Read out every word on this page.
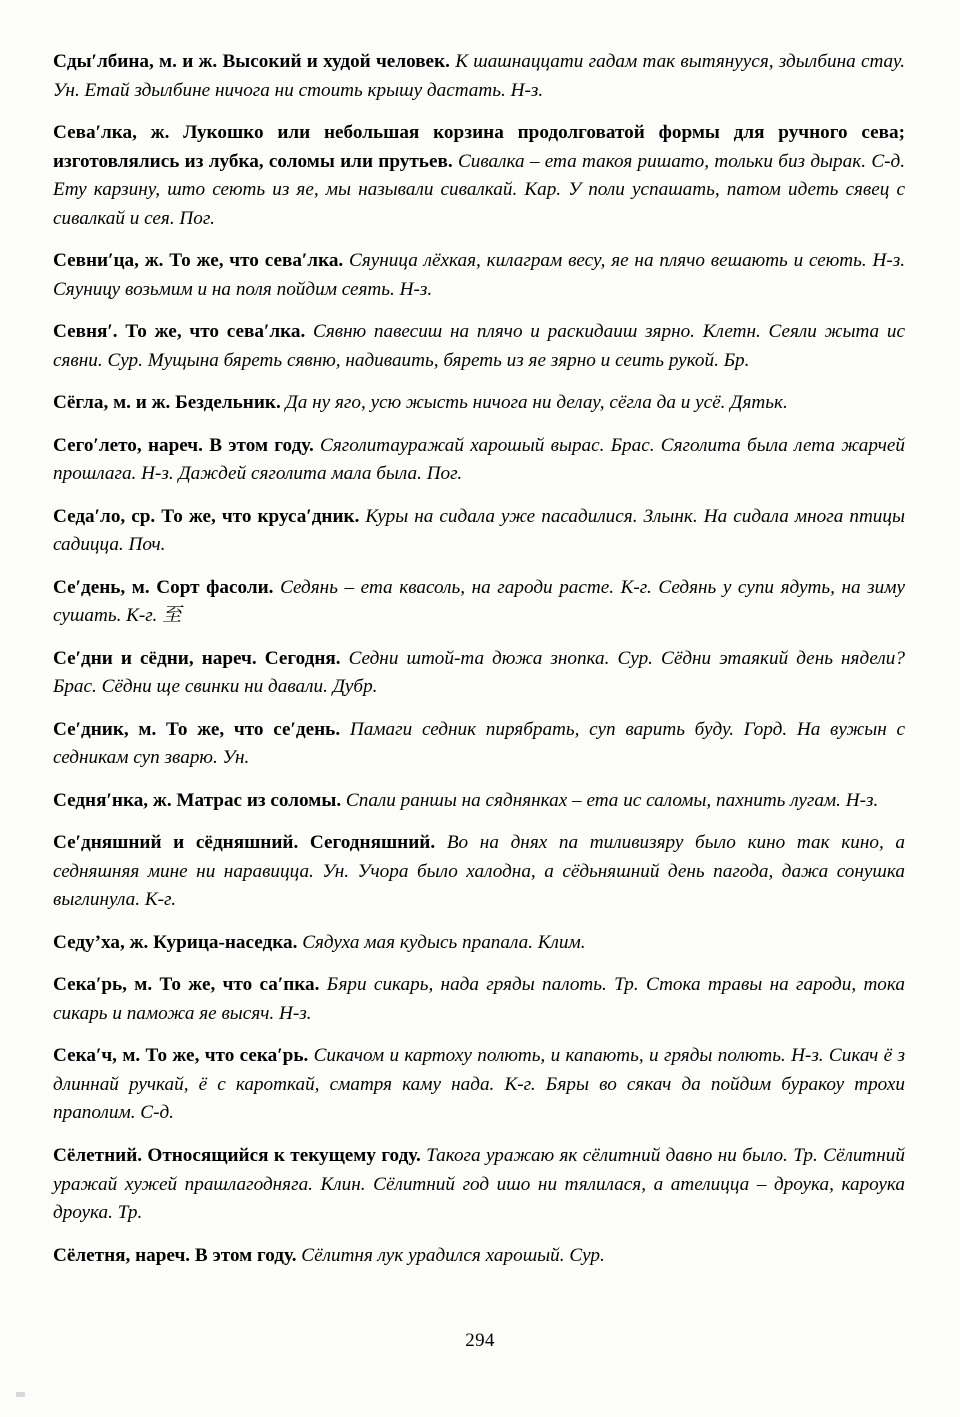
Сды′лбина, м. и ж. Высокий и худой человек. К шашнаццати гадам так вытянууся, здылбина стау. Ун. Етай здылбине ничога ни стоить крышу дастать. Н-з.

Сева′лка, ж. Лукошко или небольшая корзина продолговатой формы для ручного сева; изготовлялись из лубка, соломы или прутьев. Сивалка – ета такоя ришато, тольки биз дырак. С-д. Ету карзину, што сеють из яе, мы называли сивалкай. Кар. У поли успашать, патом идеть сявец с сивалкай и сея. Пог.

Севни′ца, ж. То же, что сева′лка. Сяуница лёхкая, килаграм весу, яе на плячо вешають и сеють. Н-з. Сяуницу возьмим и на поля пойдим сеять. Н-з.

Севня′. То же, что сева′лка. Сявню павесиш на плячо и раскидаиш зярно. Клетн. Сеяли жыта ис сявни. Сур. Мущына бяреть сявню, надиваить, бяреть из яе зярно и сеить рукой. Бр.

Сёгла, м. и ж. Бездельник. Да ну яго, усю жысть ничога ни делау, сёгла да и усё. Дятьк.

Сего′лето, нареч. В этом году. Сяголитауражай харошый вырас. Брас. Сяголита была лета жарчей прошлага. Н-з. Даждей сяголита мала была. Пог.

Седа′ло, ср. То же, что круса′дник. Куры на сидала уже пасадилися. Злынк. На сидала многа птицы садицца. Поч.

Се′день, м. Сорт фасоли. Седянь – ета квасоль, на гароди расте. К-г. Седянь у супи ядуть, на зиму сушать. К-г. 至

Се′дни и сёдни, нареч. Сегодня. Седни штой-та дюжа знопка. Сур. Сёдни этаякий день нядели? Брас. Сёдни ще свинки ни давали. Дубр.

Се′дник, м. То же, что се′день. Памаги седник пирябрать, суп варить буду. Горд. На вужын с седникам суп зварю. Ун.

Седня′нка, ж. Матрас из соломы. Спали раншы на сяднянках – ета ис саломы, пахнить лугам. Н-з.

Се′дняшний и сёдняшний. Сегодняшний. Во на днях па тиливизяру было кино так кино, а седняшняя мине ни наравицца. Ун. Учора было халодна, а сёдьняшний день пагода, дажа сонушка выглинула. К-г.

Седу’ха, ж. Курица-наседка. Сядуха мая кудысь прапала. Клим.

Сека′рь, м. То же, что са′пка. Бяри сикарь, нада гряды палоть. Тр. Стока травы на гароди, тока сикарь и паможа яе высяч. Н-з.

Сека′ч, м. То же, что сека′рь. Сикачом и картоху полють, и капають, и гряды полють. Н-з. Сикач ё з длиннай ручкай, ё с кароткай, сматря каму нада. К-г. Бяры во сякач да пойдим буракоу трохи праполим. С-д.

Сёлетний. Относящийся к текущему году. Такога уражаю як сёлитний давно ни было. Тр. Сёлитний уражай хужей прашлагодняга. Клин. Сёлитний год ишо ни тялилася, а ателицца – дроука, кароука дроука. Тр.

Сёлетня, нареч. В этом году. Сёлитня лук урадился харошый. Сур.

294
